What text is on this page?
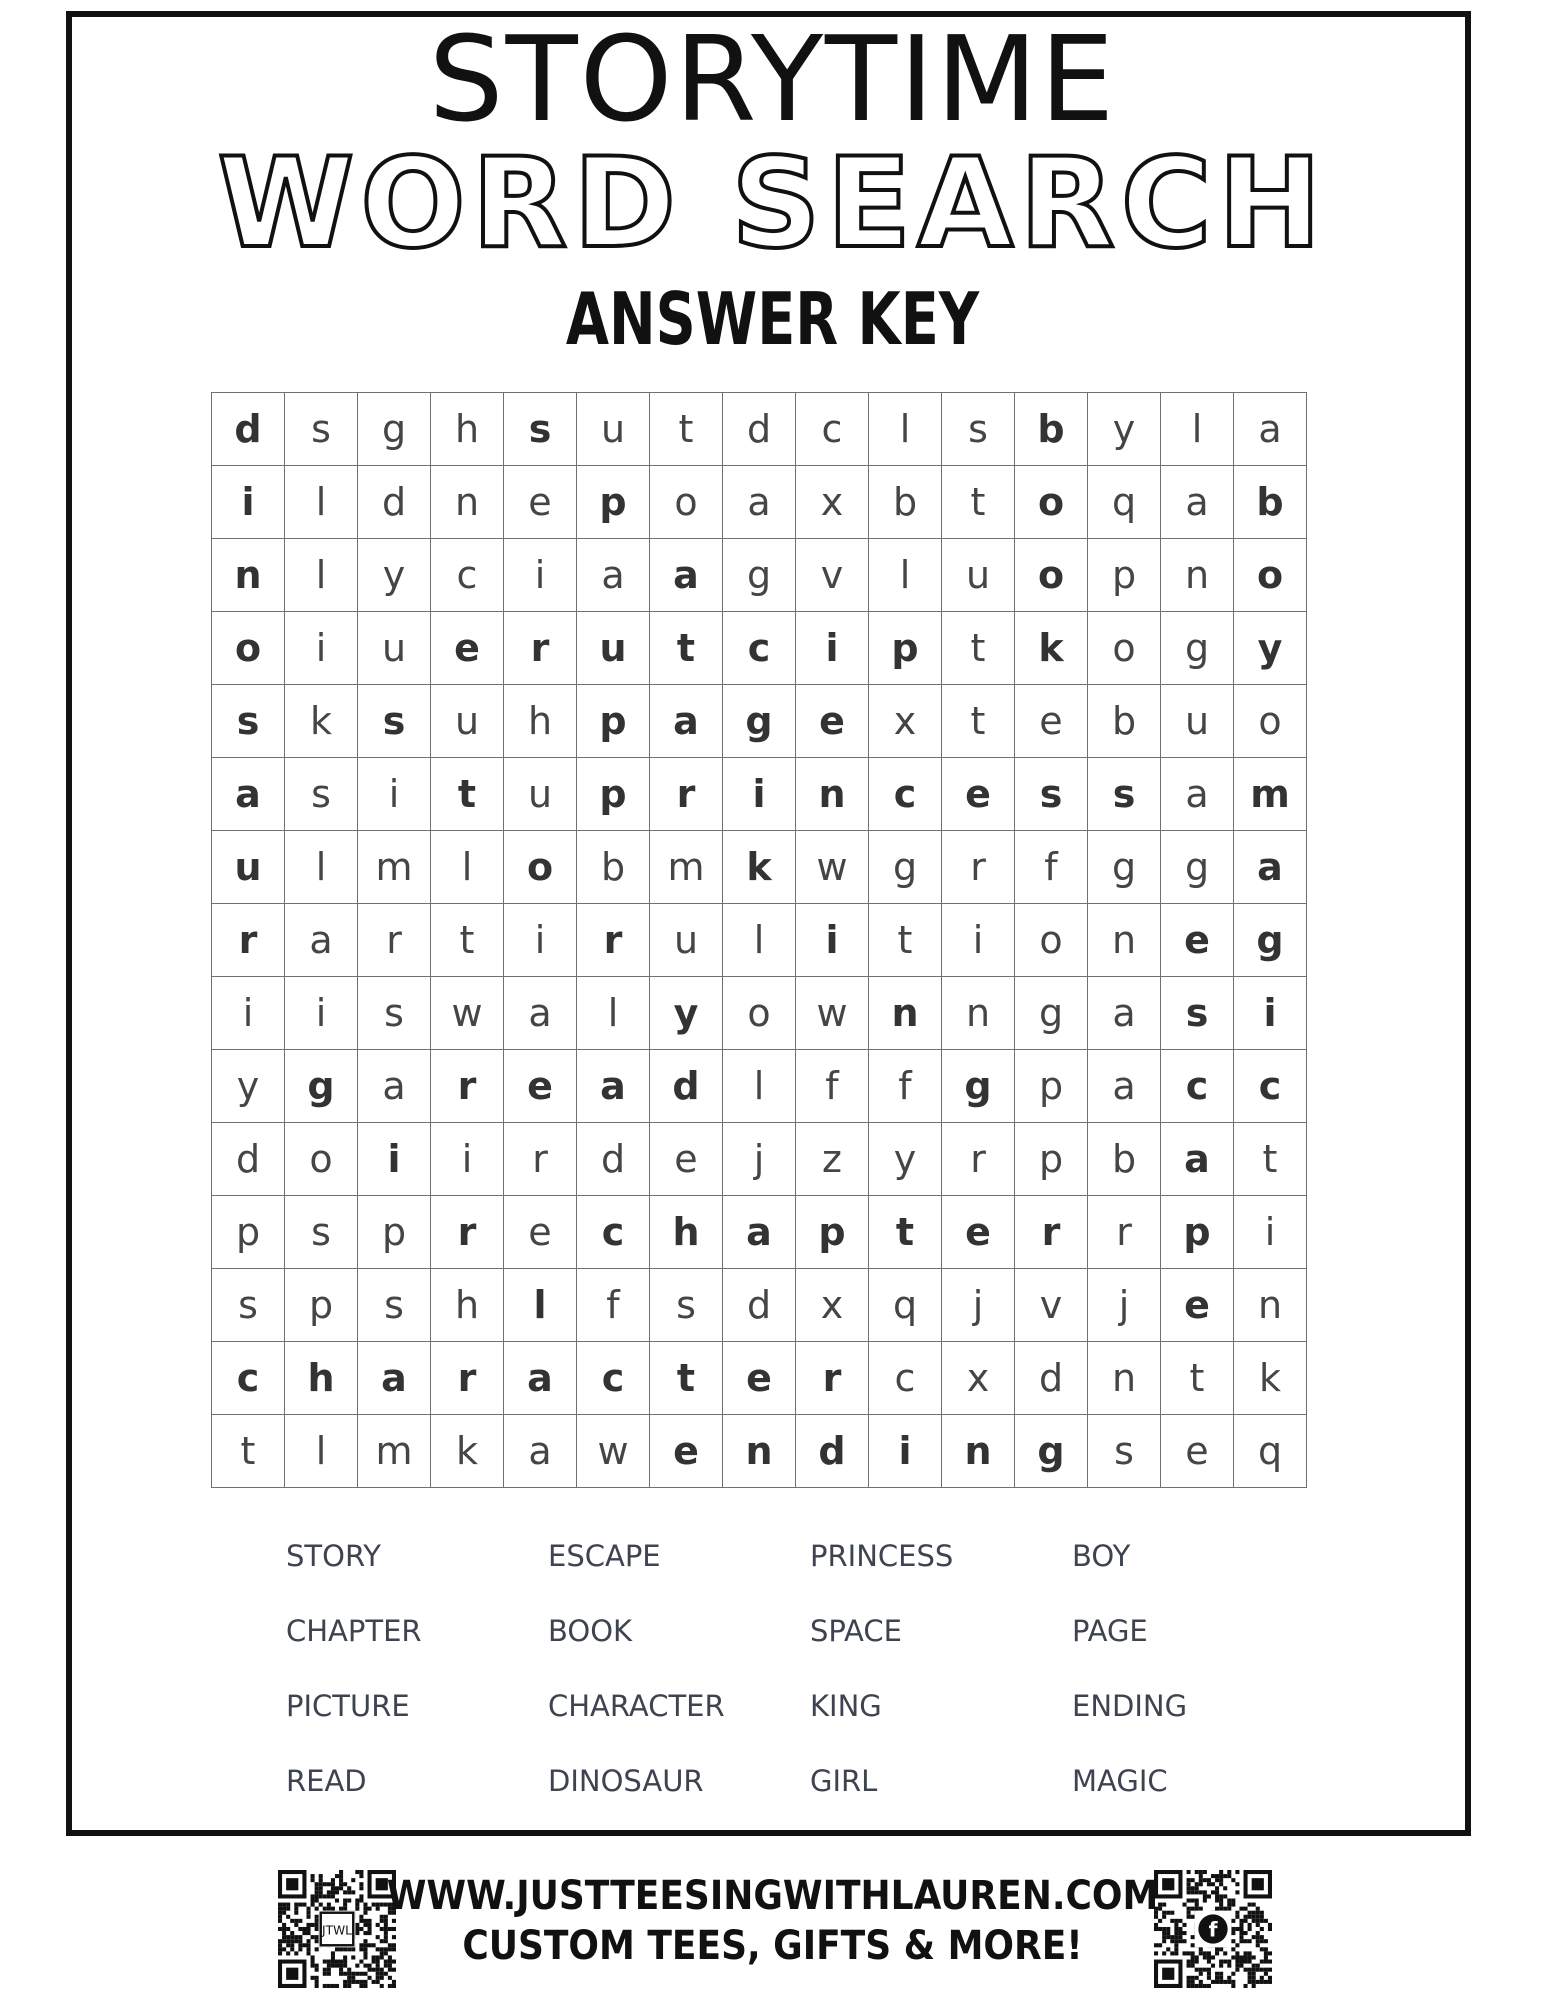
STORYTIME
WORD SEARCH
ANSWER KEY
d	s	g	h	s	u	t	d	c	l	s	b	y	l	a
i	l	d	n	e	p	o	a	x	b	t	o	q	a	b
n	l	y	c	i	a	a	g	v	l	u	o	p	n	o
o	i	u	e	r	u	t	c	i	p	t	k	o	g	y
s	k	s	u	h	p	a	g	e	x	t	e	b	u	o
a	s	i	t	u	p	r	i	n	c	e	s	s	a	m
u	l	m	l	o	b	m	k	w	g	r	f	g	g	a
r	a	r	t	i	r	u	l	i	t	i	o	n	e	g
i	i	s	w	a	l	y	o	w	n	n	g	a	s	i
y	g	a	r	e	a	d	l	f	f	g	p	a	c	c
d	o	i	i	r	d	e	j	z	y	r	p	b	a	t
p	s	p	r	e	c	h	a	p	t	e	r	r	p	i
s	p	s	h	l	f	s	d	x	q	j	v	j	e	n
c	h	a	r	a	c	t	e	r	c	x	d	n	t	k
t	l	m	k	a	w	e	n	d	i	n	g	s	e	q
STORY	ESCAPE	PRINCESS	BOY
CHAPTER	BOOK	SPACE	PAGE
PICTURE	CHARACTER	KING	ENDING
READ	DINOSAUR	GIRL	MAGIC
JTWL	f
WWW.JUSTTEESINGWITHLAUREN.COM
CUSTOM TEES, GIFTS & MORE!
